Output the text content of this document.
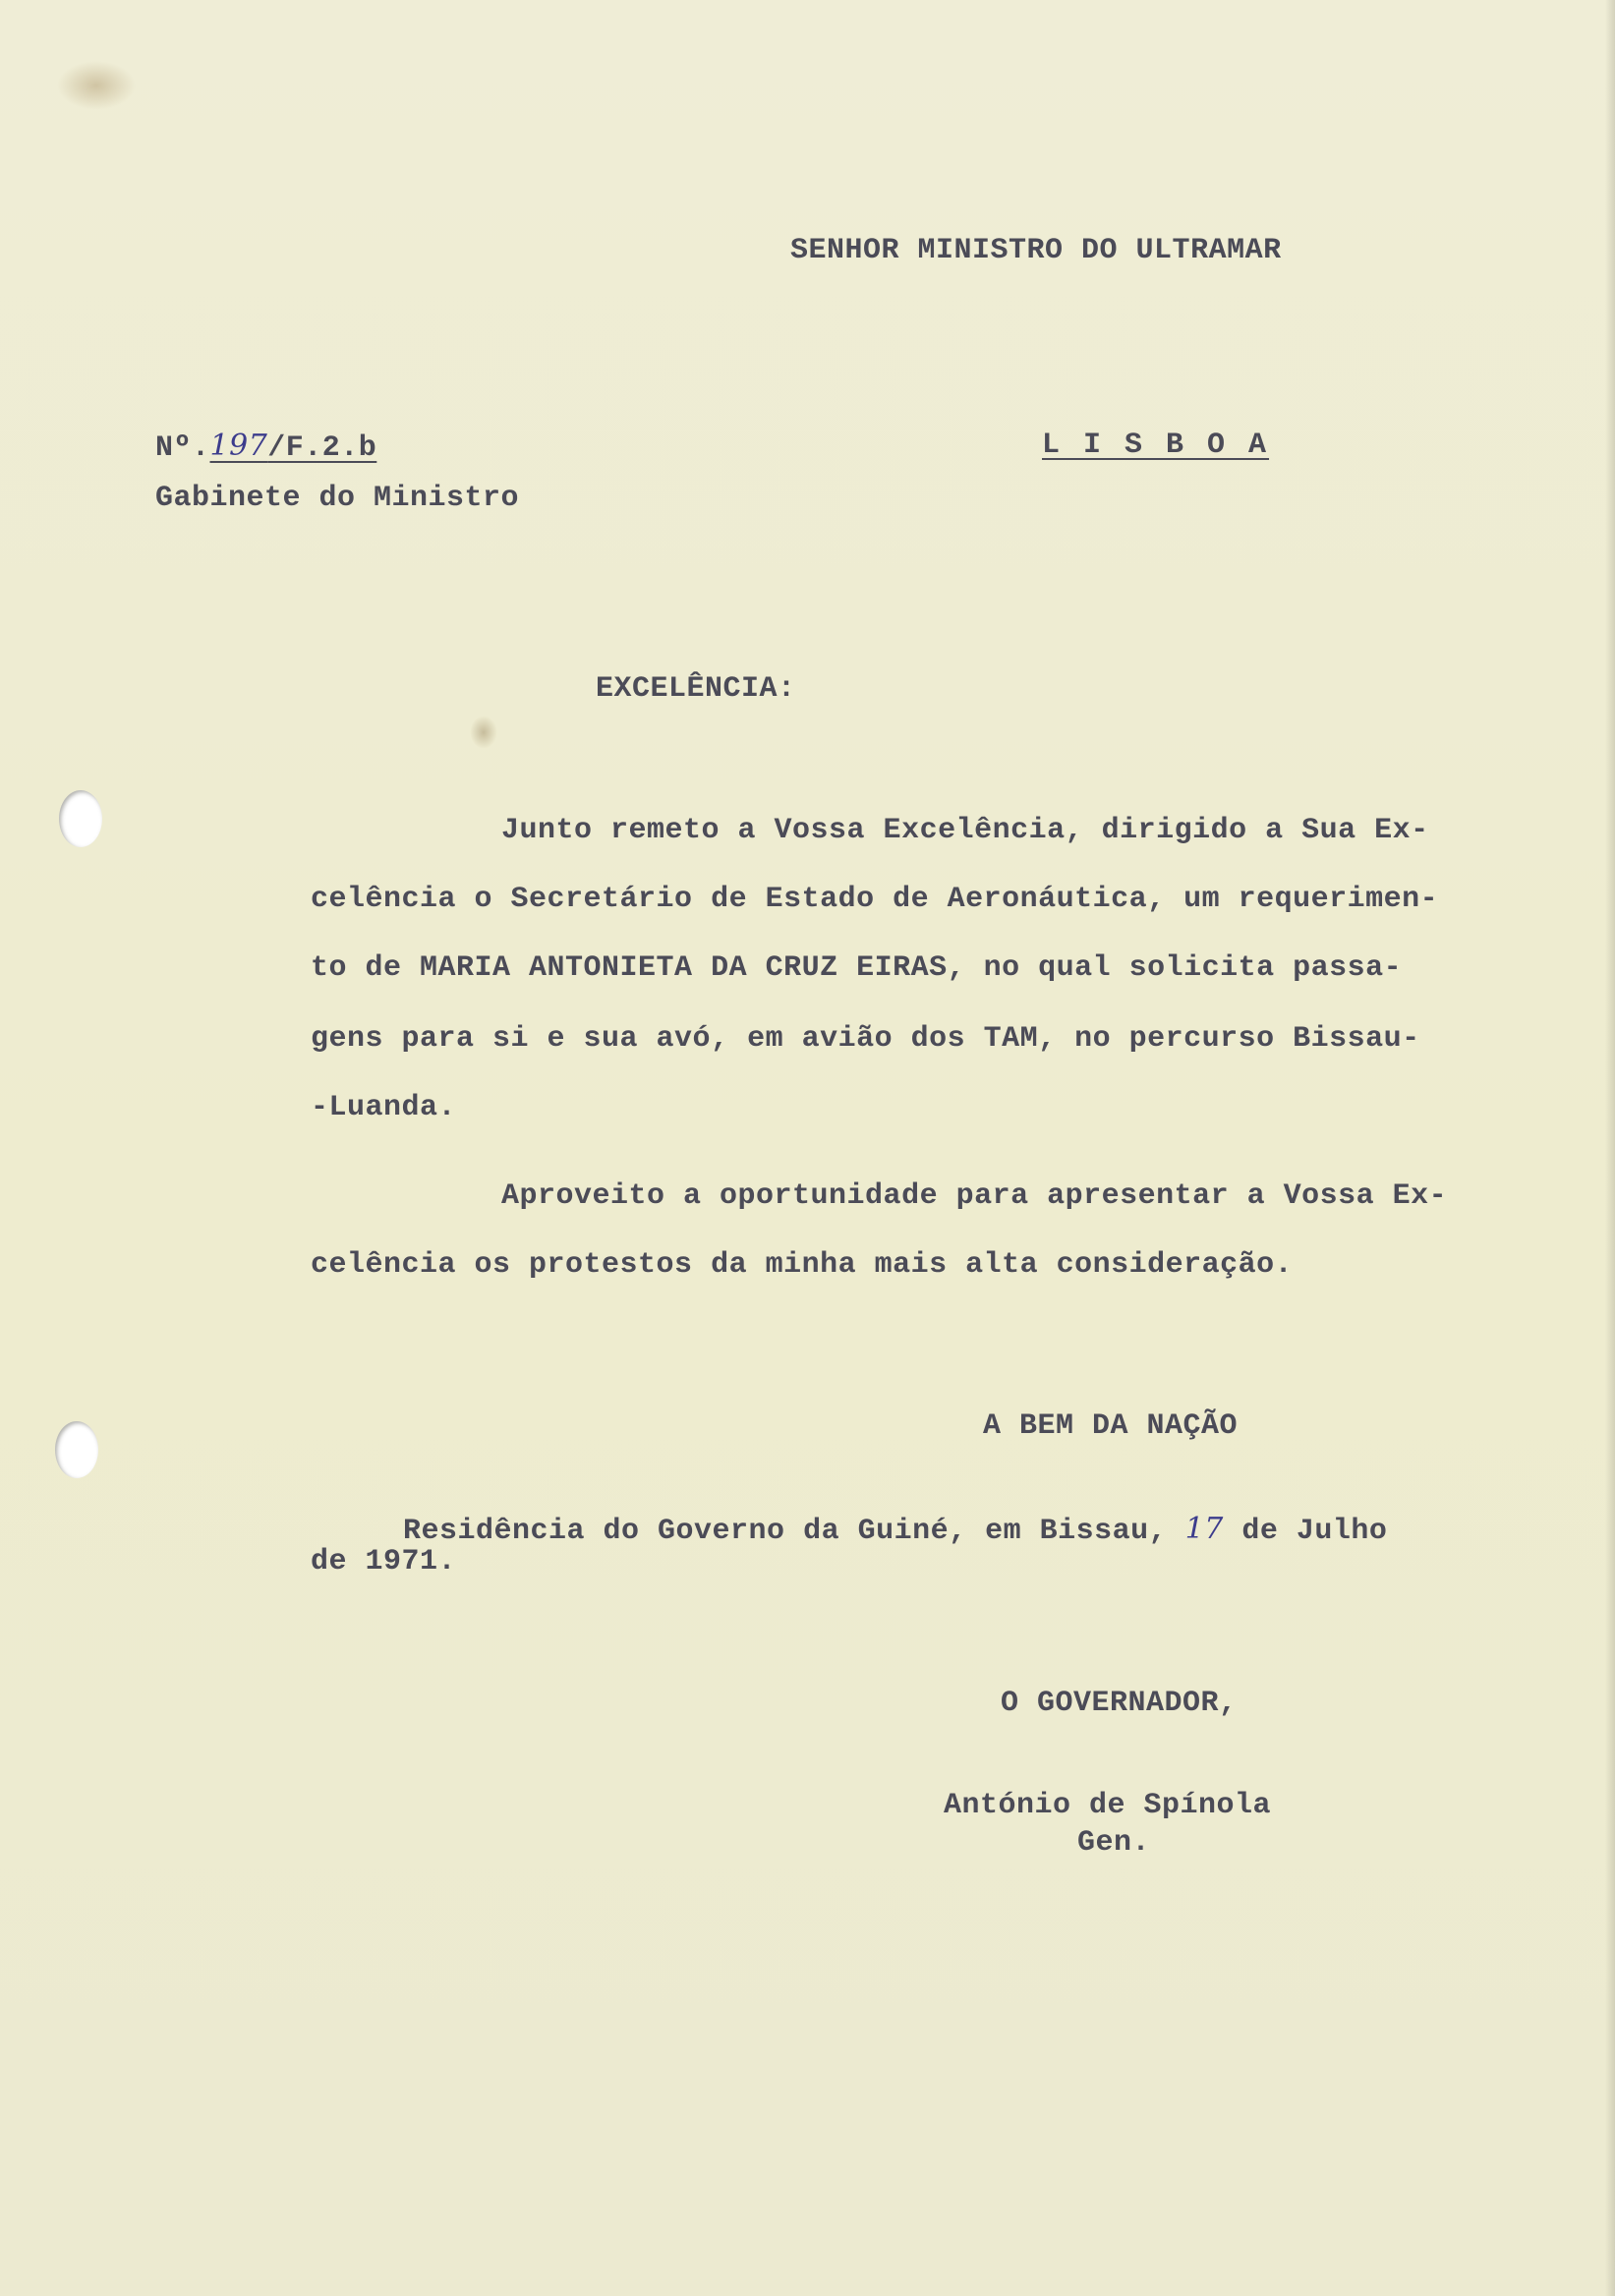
SENHOR MINISTRO DO ULTRAMAR
Nº.197/F.2.b	L I S B O A
Gabinete do Ministro
EXCELÊNCIA:
Junto remeto a Vossa Excelência, dirigido a Sua Ex-
celência o Secretário de Estado de Aeronáutica, um requerimen-
to de MARIA ANTONIETA DA CRUZ EIRAS, no qual solicita passa-
gens para si e sua avó, em avião dos TAM, no percurso Bissau-
-Luanda.
Aproveito a oportunidade para apresentar a Vossa Ex-
celência os protestos da minha mais alta consideração.
A BEM DA NAÇÃO
Residência do Governo da Guiné, em Bissau, 17 de Julho
de 1971.
O GOVERNADOR,
António de Spínola
Gen.
